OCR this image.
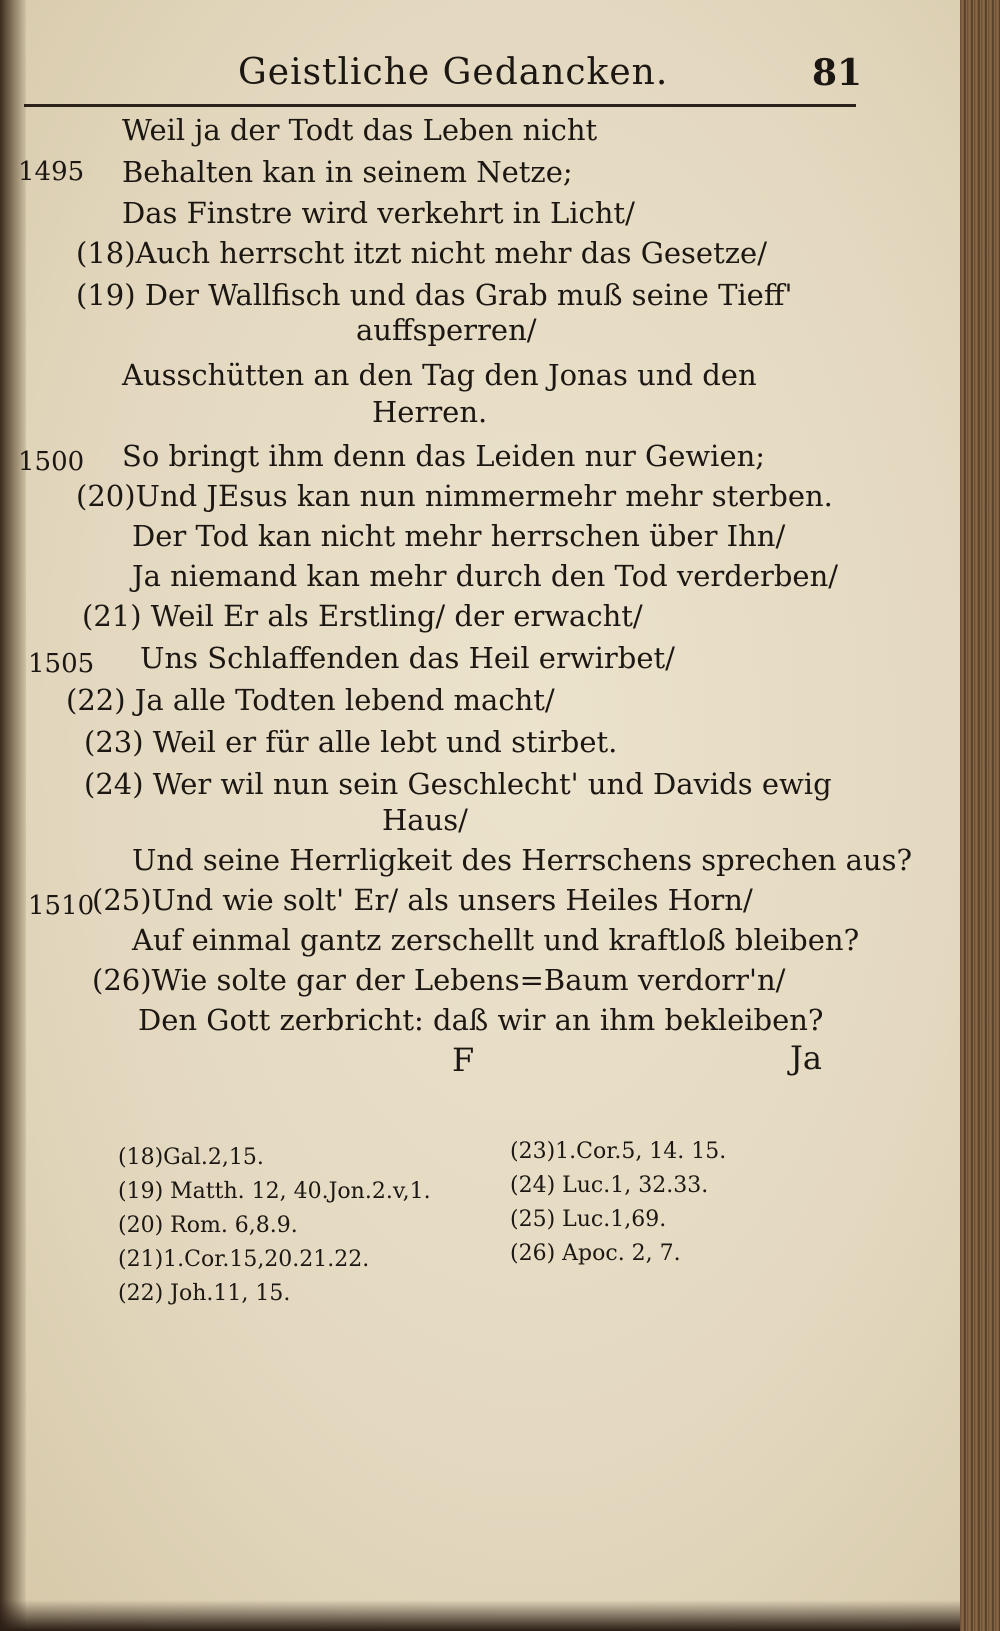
Geistliche Gedancken.	81
Weil ja der Todt das Leben nicht
1495 Behalten kan in seinem Netze;
Das Finstre wird verkehrt in Licht/
(18)Auch herrscht itzt nicht mehr das Gesetze/
(19) Der Wallfisch und das Grab muß seine Tieff'
auffsperren/
Ausschütten an den Tag den Jonas und den
Herren.
1500 So bringt ihm denn das Leiden nur Gewien;
(20)Und JEsus kan nun nimmermehr mehr sterben.
Der Tod kan nicht mehr herrschen über Ihn/
Ja niemand kan mehr durch den Tod verderben/
(21) Weil Er als Erstling/ der erwacht/
1505 Uns Schlaffenden das Heil erwirbet/
(22) Ja alle Todten lebend macht/
(23) Weil er für alle lebt und stirbet.
(24) Wer wil nun sein Geschlecht' und Davids ewig
Haus/
Und seine Herrligkeit des Herrschens sprechen aus?
1510
(25)Und wie solt' Er/ als unsers Heiles Horn/
Auf einmal gantz zerschellt und kraftloß bleiben?
(26)Wie solte gar der Lebens=Baum verdorr'n/
Den Gott zerbricht: daß wir an ihm bekleiben?
F	Ja
(18)Gal.2,15.
(19) Matth. 12, 40.Jon.2.v,1.
(20) Rom. 6,8.9.
(21)1.Cor.15,20.21.22.
(22) Joh.11, 15.
(23)1.Cor.5, 14. 15.
(24) Luc.1, 32.33.
(25) Luc.1,69.
(26) Apoc. 2, 7.
